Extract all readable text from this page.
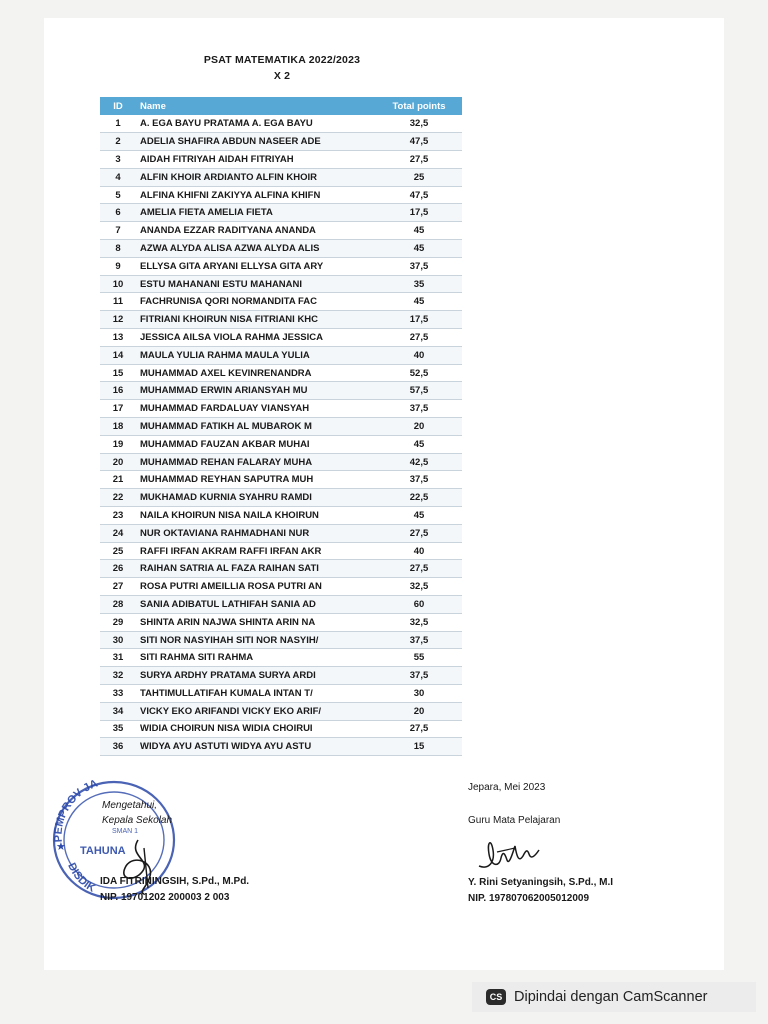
PSAT MATEMATIKA 2022/2023
X 2
ID	Name	Total points
1	A. EGA BAYU PRATAMA A. EGA BAYU	32,5
2	ADELIA SHAFIRA ABDUN NASEER ADE	47,5
3	AIDAH FITRIYAH AIDAH FITRIYAH	27,5
4	ALFIN KHOIR ARDIANTO ALFIN KHOIR	25
5	ALFINA KHIFNI ZAKIYYA ALFINA KHIFN	47,5
6	AMELIA FIETA AMELIA FIETA	17,5
7	ANANDA EZZAR RADITYANA ANANDA	45
8	AZWA ALYDA ALISA AZWA ALYDA ALIS	45
9	ELLYSA GITA ARYANI ELLYSA GITA ARY	37,5
10	ESTU MAHANANI ESTU MAHANANI	35
11	FACHRUNISA QORI NORMANDITA FAC	45
12	FITRIANI KHOIRUN NISA FITRIANI KHC	17,5
13	JESSICA AILSA VIOLA RAHMA JESSICA	27,5
14	MAULA YULIA RAHMA MAULA YULIA	40
15	MUHAMMAD AXEL KEVINRENANDRA	52,5
16	MUHAMMAD ERWIN ARIANSYAH MU	57,5
17	MUHAMMAD FARDALUAY VIANSYAH	37,5
18	MUHAMMAD FATIKH AL MUBAROK M	20
19	MUHAMMAD FAUZAN AKBAR MUHAI	45
20	MUHAMMAD REHAN FALARAY MUHA	42,5
21	MUHAMMAD REYHAN SAPUTRA MUH	37,5
22	MUKHAMAD KURNIA SYAHRU RAMDI	22,5
23	NAILA KHOIRUN NISA NAILA KHOIRUN	45
24	NUR OKTAVIANA RAHMADHANI NUR	27,5
25	RAFFI IRFAN AKRAM RAFFI IRFAN AKR	40
26	RAIHAN SATRIA AL FAZA RAIHAN SATI	27,5
27	ROSA PUTRI AMEILLIA ROSA PUTRI AN	32,5
28	SANIA ADIBATUL LATHIFAH SANIA AD	60
29	SHINTA ARIN NAJWA SHINTA ARIN NA	32,5
30	SITI NOR NASYIHAH SITI NOR NASYIH/	37,5
31	SITI RAHMA SITI RAHMA	55
32	SURYA ARDHY PRATAMA SURYA ARDI	37,5
33	TAHTIMULLATIFAH KUMALA INTAN T/	30
34	VICKY EKO ARIFANDI VICKY EKO ARIF/	20
35	WIDIA CHOIRUN NISA WIDIA CHOIRUI	27,5
36	WIDYA AYU ASTUTI WIDYA AYU ASTU	15
PEMPROV JA
DISDIK
SMAN 1
TAHUNA
★
Mengetahui,
Kepala Sekolah
IDA FITRININGSIH, S.Pd., M.Pd.
NIP. 19701202 200003 2 003
Jepara, Mei 2023
Guru Mata Pelajaran
Y. Rini Setyaningsih, S.Pd., M.I
NIP. 197807062005012009
CS Dipindai dengan CamScanner
